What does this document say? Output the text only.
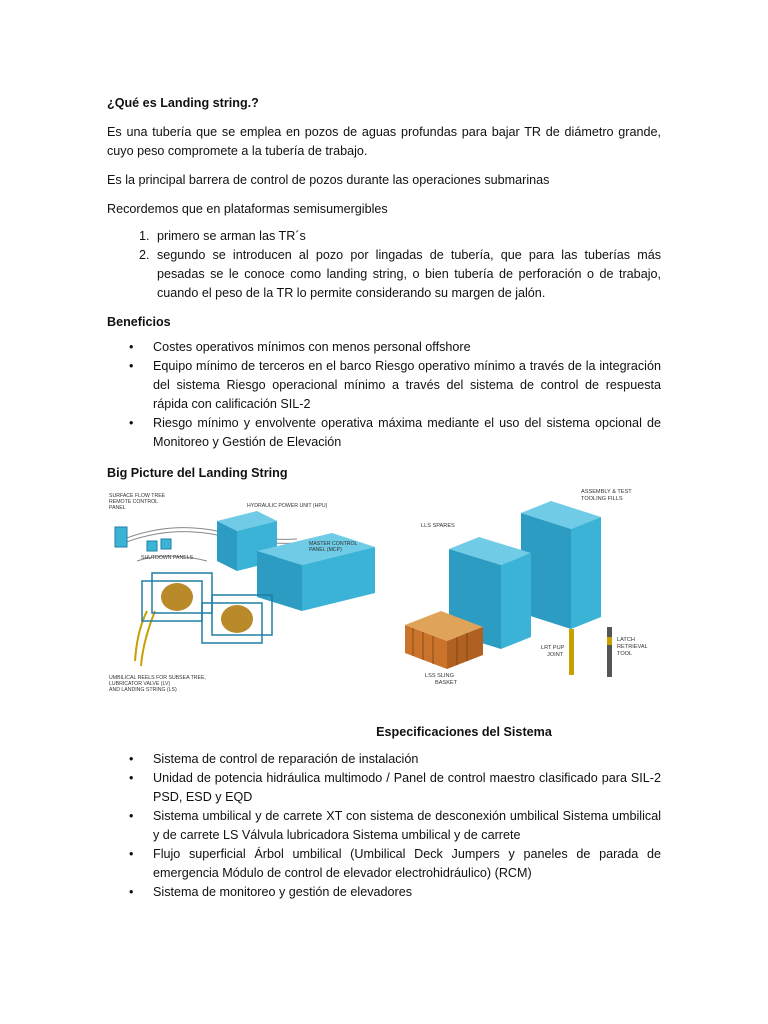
¿Qué es Landing string.?

Es una tubería que se emplea en pozos de aguas profundas para bajar TR de diámetro grande, cuyo peso compromete a la tubería de trabajo.

Es la principal barrera de control de pozos durante las operaciones submarinas

Recordemos que en plataformas semisumergibles

1. primero se arman las TR´s
2. segundo se introducen al pozo por lingadas de tubería, que para las tuberías más pesadas se le conoce como landing string, o bien tubería de perforación o de trabajo, cuando el peso de la TR lo permite considerando su margen de jalón.

Beneficios

• Costes operativos mínimos con menos personal offshore
• Equipo mínimo de terceros en el barco Riesgo operativo mínimo a través de la integración del sistema Riesgo operacional mínimo a través del sistema de control de respuesta rápida con calificación SIL-2
• Riesgo mínimo y envolvente operativa máxima mediante el uso del sistema opcional de Monitoreo y Gestión de Elevación

Big Picture del Landing String

SURFACE FLOW TREE
REMOTE CONTROL
PANEL	HYDRAULIC POWER UNIT (HPU)
SHUTDOWN PANELS
MASTER CONTROL
PANEL (MCP)
UMBILICAL REELS FOR SUBSEA TREE,
LUBRICATOR VALVE (LV)
AND LANDING STRING (LS)
ASSEMBLY & TEST
TOOLING FILLS
LLS SPARES
LSS SLING
BASKET
LRT PUP
JOINT
LATCH
RETRIEVAL
TOOL

Especificaciones del Sistema

• Sistema de control de reparación de instalación
• Unidad de potencia hidráulica multimodo / Panel de control maestro clasificado para SIL-2 PSD, ESD y EQD
• Sistema umbilical y de carrete XT con sistema de desconexión umbilical Sistema umbilical y de carrete LS Válvula lubricadora Sistema umbilical y de carrete
• Flujo superficial Árbol umbilical (Umbilical Deck Jumpers y paneles de parada de emergencia Módulo de control de elevador electrohidráulico) (RCM)
• Sistema de monitoreo y gestión de elevadores
